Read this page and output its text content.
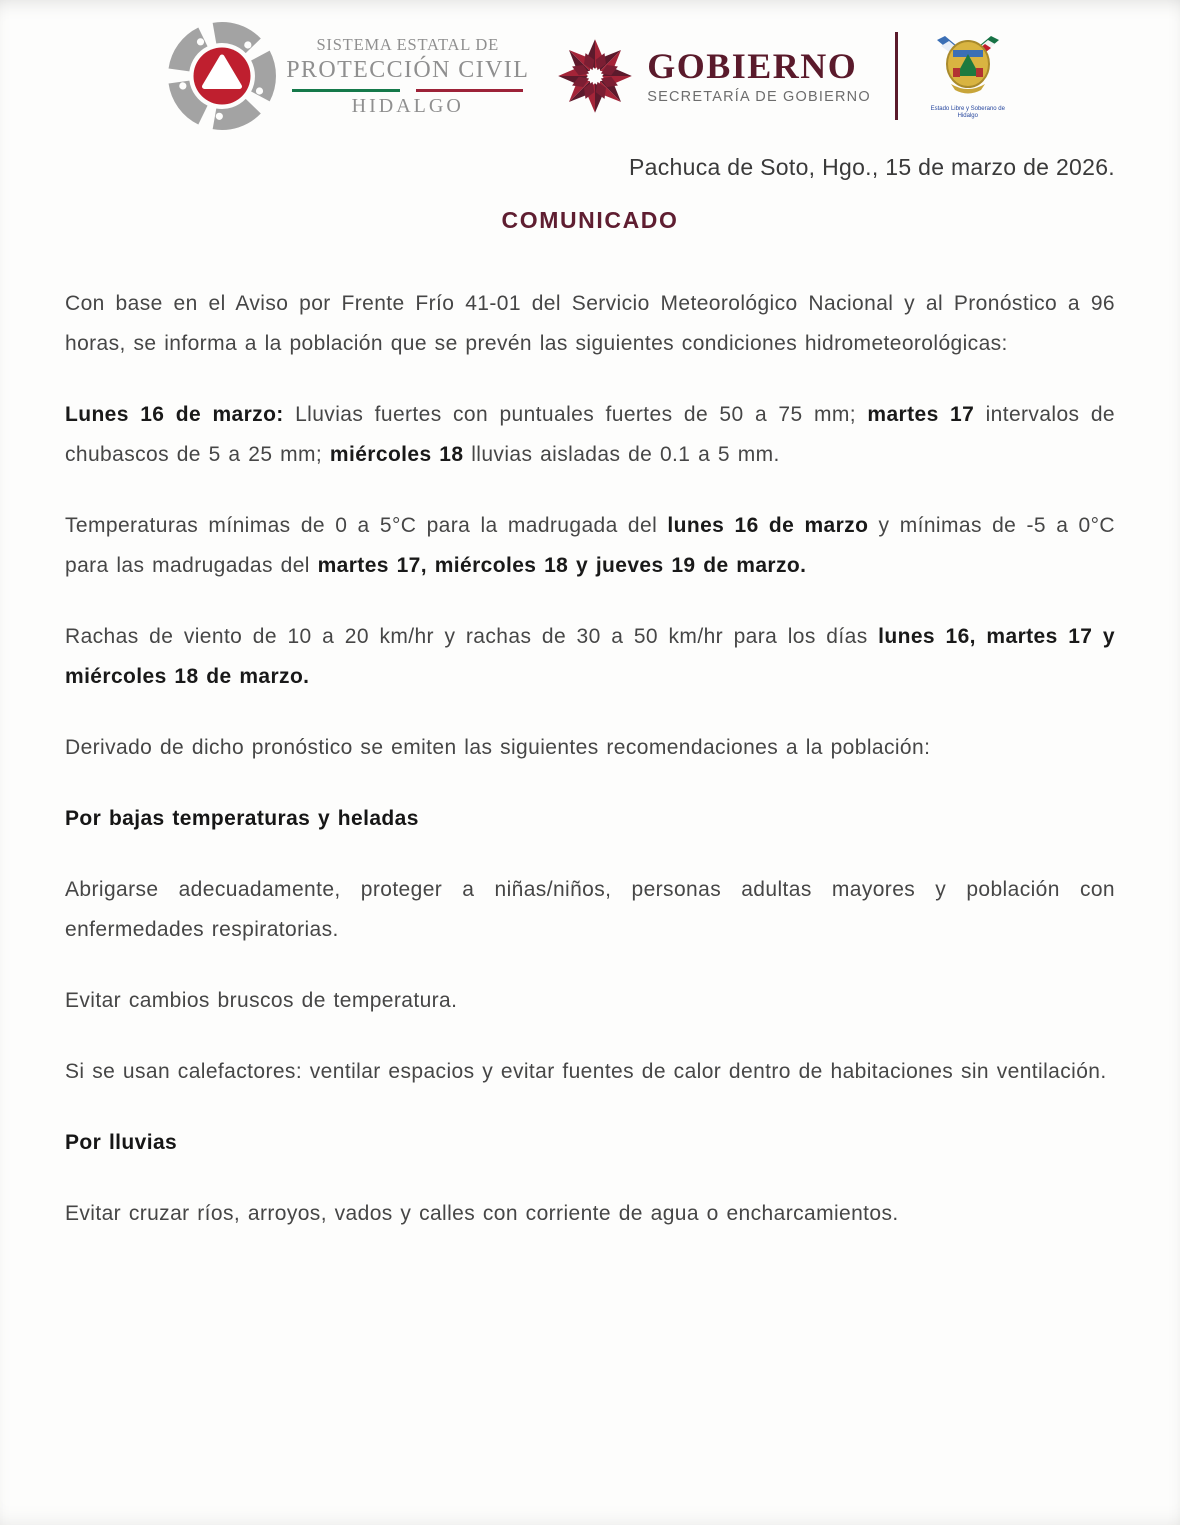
SISTEMA ESTATAL DE
PROTECCIÓN CIVIL
HIDALGO
GOBIERNO
SECRETARÍA DE GOBIERNO
Estado Libre y Soberano de Hidalgo
Pachuca de Soto, Hgo., 15 de marzo de 2026.
COMUNICADO

Con base en el Aviso por Frente Frío 41-01 del Servicio Meteorológico Nacional y al Pronóstico a 96 horas, se informa a la población que se prevén las siguientes condiciones hidrometeorológicas:

Lunes 16 de marzo: Lluvias fuertes con puntuales fuertes de 50 a 75 mm; martes 17 intervalos de chubascos de 5 a 25 mm; miércoles 18 lluvias aisladas de 0.1 a 5 mm.

Temperaturas mínimas de 0 a 5°C para la madrugada del lunes 16 de marzo y mínimas de -5 a 0°C para las madrugadas del martes 17, miércoles 18 y jueves 19 de marzo.

Rachas de viento de 10 a 20 km/hr y rachas de 30 a 50 km/hr para los días lunes 16, martes 17 y miércoles 18 de marzo.

Derivado de dicho pronóstico se emiten las siguientes recomendaciones a la población:

Por bajas temperaturas y heladas

Abrigarse adecuadamente, proteger a niñas/niños, personas adultas mayores y población con enfermedades respiratorias.

Evitar cambios bruscos de temperatura.

Si se usan calefactores: ventilar espacios y evitar fuentes de calor dentro de habitaciones sin ventilación.

Por lluvias

Evitar cruzar ríos, arroyos, vados y calles con corriente de agua o encharcamientos.
